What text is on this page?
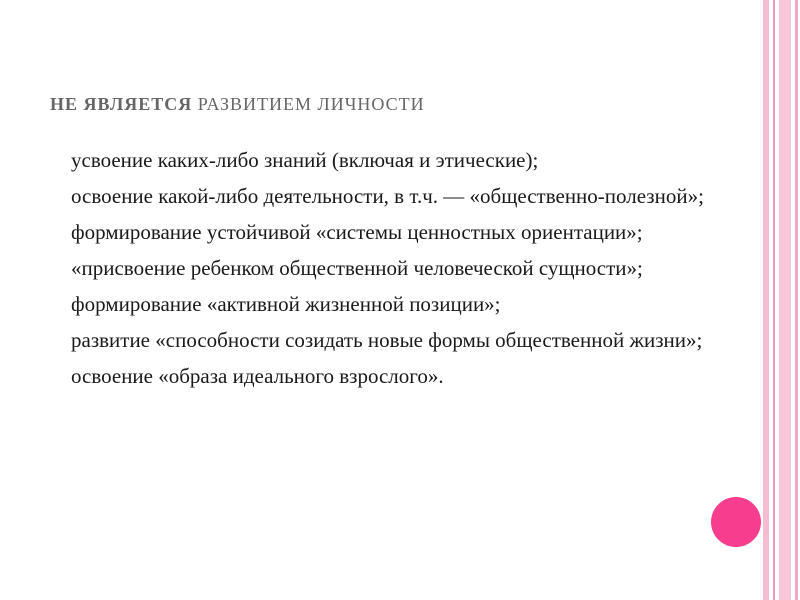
НЕ ЯВЛЯЕТСЯ РАЗВИТИЕМ ЛИЧНОСТИ
усвоение каких-либо знаний (включая и этические);
освоение какой-либо деятельности, в т.ч. — «общественно-полезной»;
формирование устойчивой «системы ценностных ориентации»;
«присвоение ребенком общественной человеческой сущности»;
формирование «активной жизненной позиции»;
развитие «способности созидать новые формы общественной жизни»;
освоение «образа идеального взрослого».
